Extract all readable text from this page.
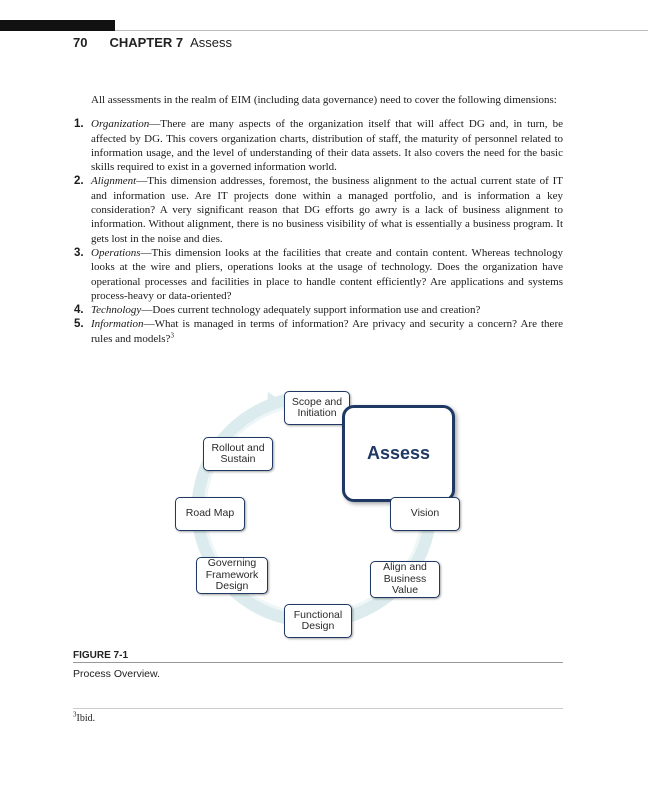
70 CHAPTER 7 Assess

All assessments in the realm of EIM (including data governance) need to cover the following dimensions:

1. Organization—There are many aspects of the organization itself that will affect DG and, in turn, be affected by DG. This covers organization charts, distribution of staff, the maturity of personnel related to information usage, and the level of understanding of their data assets. It also covers the need for the basic skills required to exist in a governed information world.
2. Alignment—This dimension addresses, foremost, the business alignment to the actual current state of IT and information use. Are IT projects done within a managed portfolio, and is information a key consideration? A very significant reason that DG efforts go awry is a lack of business alignment to information. Without alignment, there is no business visibility of what is essentially a business program. It gets lost in the noise and dies.
3. Operations—This dimension looks at the facilities that create and contain content. Whereas technology looks at the wire and pliers, operations looks at the usage of technology. Does the organization have operational processes and facilities in place to handle content efficiently? Are applications and systems process-heavy or data-oriented?
4. Technology—Does current technology adequately support information use and creation?
5. Information—What is managed in terms of information? Are privacy and security a concern? Are there rules and models?$^3$
Scope and Initiation
Assess
Rollout and Sustain
Road Map	Vision
Governing Framework Design
Align and Business Value
Functional Design
FIGURE 7-1
Process Overview.
$^3$Ibid.
